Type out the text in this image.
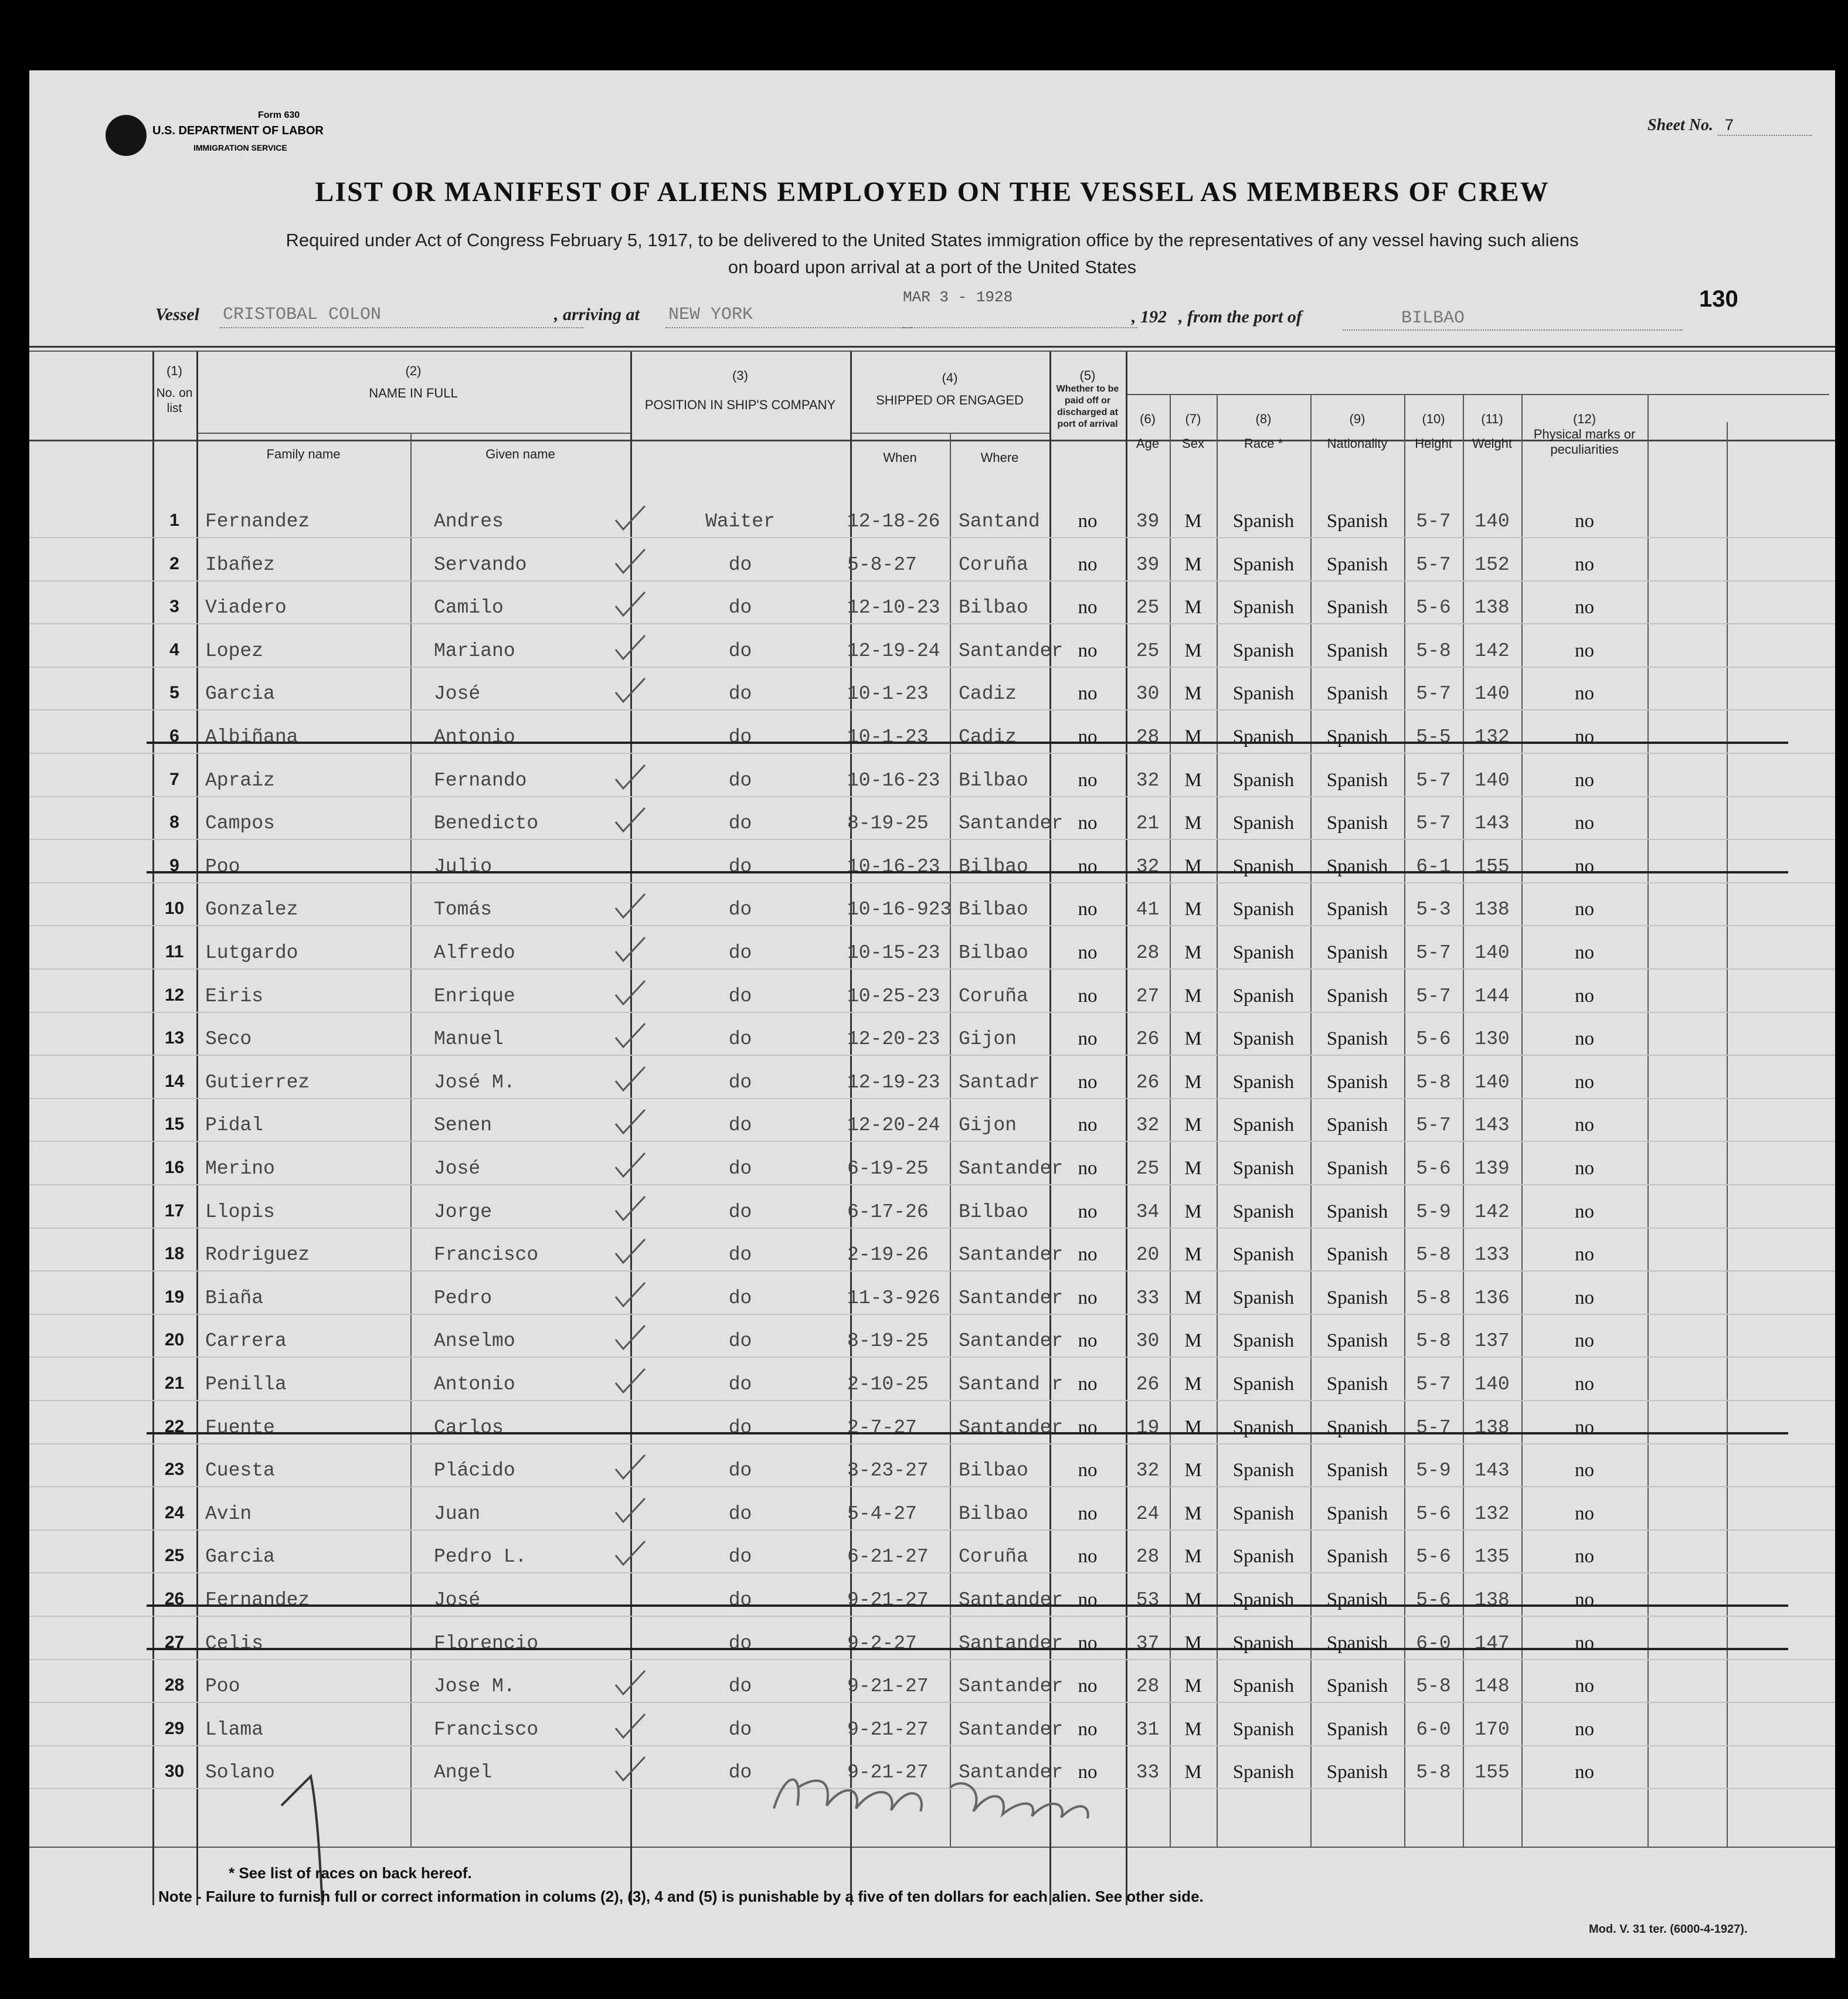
Form 630
U.S. DEPARTMENT OF LABOR
IMMIGRATION SERVICE
Sheet No. 7
LIST OR MANIFEST OF ALIENS EMPLOYED ON THE VESSEL AS MEMBERS OF CREW
Required under Act of Congress February 5, 1917, to be delivered to the United States immigration office by the representatives of any vessel having such aliens
on board upon arrival at a port of the United States
130
Vessel CRISTOBAL COLON	, arriving at NEW YORK
MAR 3 - 1928
, 192 , from the port of	BILBAO
(1)
No. on list
(2)
NAME IN FULL
Family name	Given name
(3)
POSITION IN SHIP'S COMPANY
(4)
SHIPPED OR ENGAGED
When	Where
(5)
Whether to be paid off or discharged at port of arrival	(6)
Age
(7)
Sex
(8)
Race *
(9)
Nationality
(10)
Height
(11)
Weight
(12)
Physical marks or peculiarities
1	Fernandez	Andres	Waiter	12-18-26 Santand	no	39	M	Spanish	Spanish	5-7	140	no
2	Ibañez	Servando	do	5-8-27	Coruña	no	39	M	Spanish	Spanish	5-7	152	no
3	Viadero	Camilo	do	12-10-23 Bilbao	no	25	M	Spanish	Spanish	5-6	138	no
4	Lopez	Mariano	do	12-19-24 Santander no	25	M	Spanish	Spanish	5-8	142	no
5	Garcia	José	do	10-1-23	Cadiz	no	30	M	Spanish	Spanish	5-7	140	no
6	Albiñana	Antonio	do	10-1-23	Cadiz	no	28	M	Spanish	Spanish	5-5	132	no
7	Apraiz	Fernando	do	10-16-23 Bilbao	no	32	M	Spanish	Spanish	5-7	140	no
8	Campos	Benedicto	do	8-19-25	Santander no	21	M	Spanish	Spanish	5-7	143	no
9	Poo	Julio	do	10-16-23 Bilbao	no	32	M	Spanish	Spanish	6-1	155	no
10	Gonzalez	Tomás	do	10-16-923 Bilbao	no	41	M	Spanish	Spanish	5-3	138	no
11	Lutgardo	Alfredo	do	10-15-23 Bilbao	no	28	M	Spanish	Spanish	5-7	140	no
12	Eiris	Enrique	do	10-25-23 Coruña	no	27	M	Spanish	Spanish	5-7	144	no
13	Seco	Manuel	do	12-20-23 Gijon	no	26	M	Spanish	Spanish	5-6	130	no
14	Gutierrez	José M.	do	12-19-23 Santadr	no	26	M	Spanish	Spanish	5-8	140	no
15	Pidal	Senen	do	12-20-24 Gijon	no	32	M	Spanish	Spanish	5-7	143	no
16	Merino	José	do	6-19-25	Santander no	25	M	Spanish	Spanish	5-6	139	no
17	Llopis	Jorge	do	6-17-26	Bilbao	no	34	M	Spanish	Spanish	5-9	142	no
18	Rodriguez	Francisco	do	2-19-26	Santander no	20	M	Spanish	Spanish	5-8	133	no
19	Biaña	Pedro	do	11-3-926 Santander no	33	M	Spanish	Spanish	5-8	136	no
20	Carrera	Anselmo	do	8-19-25	Santander no	30	M	Spanish	Spanish	5-8	137	no
21	Penilla	Antonio	do	2-10-25	Santand r no	26	M	Spanish	Spanish	5-7	140	no
22	Fuente	Carlos	do	2-7-27	Santander no	19	M	Spanish	Spanish	5-7	138	no
23	Cuesta	Plácido	do	3-23-27	Bilbao	no	32	M	Spanish	Spanish	5-9	143	no
24	Avin	Juan	do	5-4-27	Bilbao	no	24	M	Spanish	Spanish	5-6	132	no
25	Garcia	Pedro L.	do	6-21-27	Coruña	no	28	M	Spanish	Spanish	5-6	135	no
26	Fernandez	José	do	9-21-27	Santander no	53	M	Spanish	Spanish	5-6	138	no
27	Celis	Florencio	do	9-2-27	Santander no	37	M	Spanish	Spanish	6-0	147	no
28	Poo	Jose M.	do	9-21-27	Santander no	28	M	Spanish	Spanish	5-8	148	no
29	Llama	Francisco	do	9-21-27	Santander no	31	M	Spanish	Spanish	6-0	170	no
30	Solano	Angel	do	9-21-27	Santander no	33	M	Spanish	Spanish	5-8	155	no
* See list of races on back hereof.
Note - Failure to furnish full or correct information in colums (2), (3), 4 and (5) is punishable by a five of ten dollars for each alien. See other side.
Mod. V. 31 ter. (6000-4-1927).
